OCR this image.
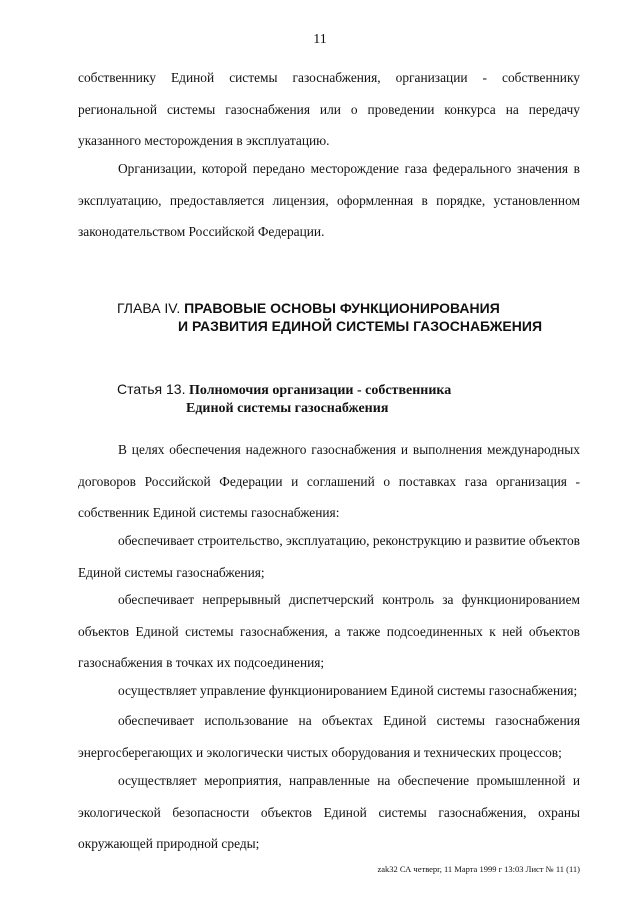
11

собственнику Единой системы газоснабжения, организации - собственнику региональной системы газоснабжения или о проведении конкурса на передачу указанного месторождения в эксплуатацию.

Организации, которой передано месторождение газа федерального значения в эксплуатацию, предоставляется лицензия, оформленная в порядке, установленном законодательством Российской Федерации.

ГЛАВА IV. ПРАВОВЫЕ ОСНОВЫ ФУНКЦИОНИРОВАНИЯ
И РАЗВИТИЯ ЕДИНОЙ СИСТЕМЫ ГАЗОСНАБЖЕНИЯ
Статья 13. Полномочия организации - собственника
Единой системы газоснабжения

В целях обеспечения надежного газоснабжения и выполнения международных договоров Российской Федерации и соглашений о поставках газа организация - собственник Единой системы газоснабжения:

обеспечивает строительство, эксплуатацию, реконструкцию и развитие объектов Единой системы газоснабжения;

обеспечивает непрерывный диспетчерский контроль за функционированием объектов Единой системы газоснабжения, а также подсоединенных к ней объектов газоснабжения в точках их подсоединения;

осуществляет управление функционированием Единой системы газоснабжения;

обеспечивает использование на объектах Единой системы газоснабжения энергосберегающих и экологически чистых оборудования и технических процессов;

осуществляет мероприятия, направленные на обеспечение промышленной и экологической безопасности объектов Единой системы газоснабжения, охраны окружающей природной среды;

zak32 СА четверг, 11 Марта 1999 г 13:03 Лист № 11 (11)
